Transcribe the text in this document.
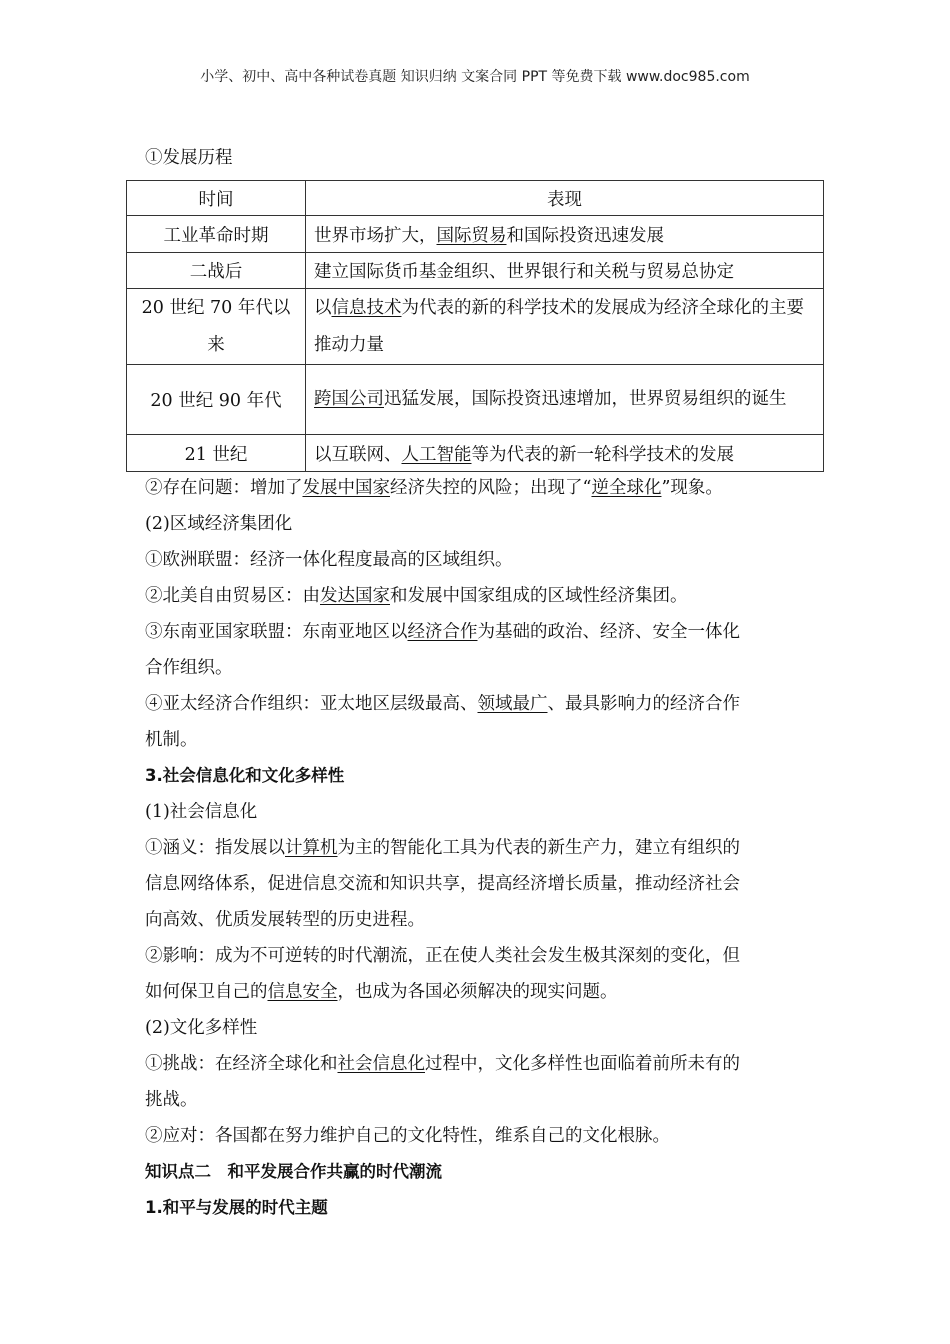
小学、初中、高中各种试卷真题 知识归纳 文案合同 PPT 等免费下载 www.doc985.com
①发展历程
时间	表现
工业革命时期	世界市场扩大，国际贸易和国际投资迅速发展
二战后	建立国际货币基金组织、世界银行和关税与贸易总协定
20 世纪 70 年代以来	以信息技术为代表的新的科学技术的发展成为经济全球化的主要推动力量
20 世纪 90 年代	跨国公司迅猛发展，国际投资迅速增加，世界贸易组织的诞生
21 世纪	以互联网、人工智能等为代表的新一轮科学技术的发展
②存在问题：增加了发展中国家经济失控的风险；出现了“逆全球化”现象。
(2)区域经济集团化
①欧洲联盟：经济一体化程度最高的区域组织。
②北美自由贸易区：由发达国家和发展中国家组成的区域性经济集团。
③东南亚国家联盟：东南亚地区以经济合作为基础的政治、经济、安全一体化
合作组织。
④亚太经济合作组织：亚太地区层级最高、领域最广、最具影响力的经济合作
机制。
3.社会信息化和文化多样性
(1)社会信息化
①涵义：指发展以计算机为主的智能化工具为代表的新生产力，建立有组织的
信息网络体系，促进信息交流和知识共享，提高经济增长质量，推动经济社会
向高效、优质发展转型的历史进程。
②影响：成为不可逆转的时代潮流，正在使人类社会发生极其深刻的变化，但
如何保卫自己的信息安全，也成为各国必须解决的现实问题。
(2)文化多样性
①挑战：在经济全球化和社会信息化过程中，文化多样性也面临着前所未有的
挑战。
②应对：各国都在努力维护自己的文化特性，维系自己的文化根脉。
知识点二　和平发展合作共赢的时代潮流
1.和平与发展的时代主题
